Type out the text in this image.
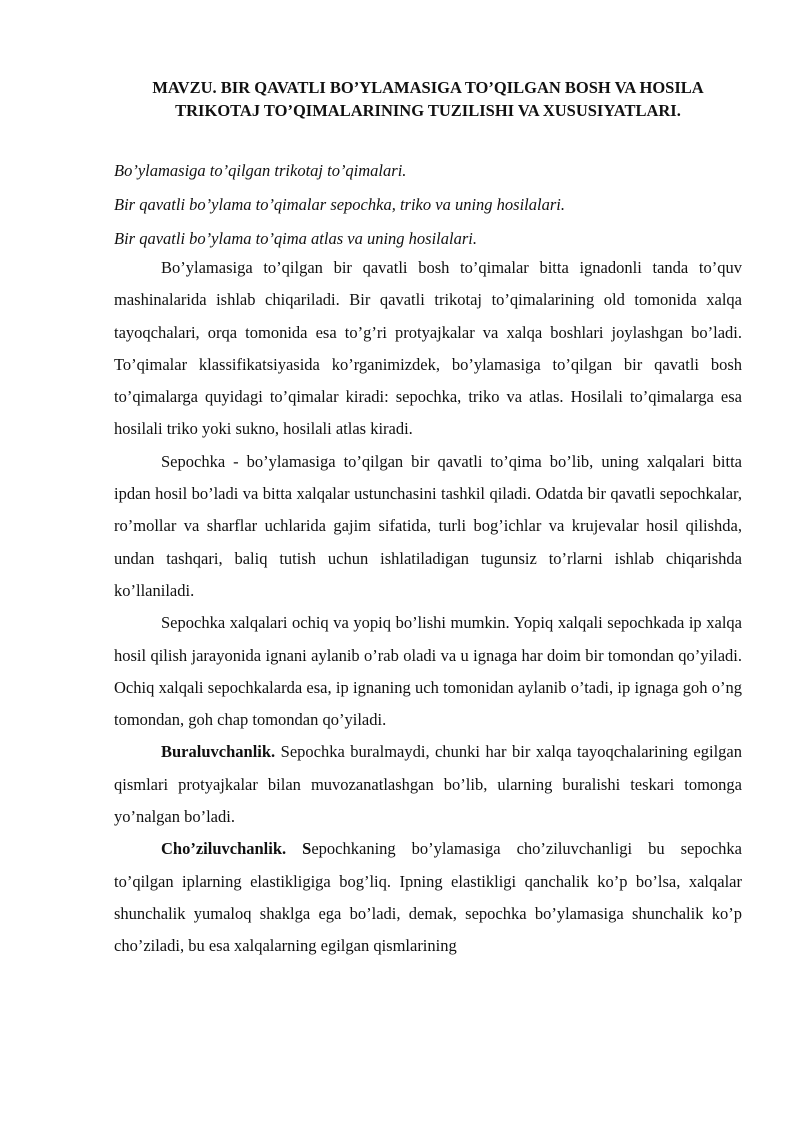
MAVZU. BIR QAVATLI BO’YLAMASIGA TO’QILGAN BOSH VA HOSILA TRIKOTAJ TO’QIMALARINING TUZILISHI VA XUSUSIYATLARI.

Bo’ylamasiga to’qilgan trikotaj to’qimalari.

Bir qavatli bo’ylama to’qimalar sepochka, triko va uning hosilalari.

Bir qavatli bo’ylama to’qima atlas va uning hosilalari.

Bo’ylamasiga to’qilgan bir qavatli bosh to’qimalar bitta ignadonli tanda to’quv mashinalarida ishlab chiqariladi. Bir qavatli trikotaj to’qimalarining old tomonida xalqa tayoqchalari, orqa tomonida esa to’g’ri protyajkalar va xalqa boshlari joylashgan bo’ladi. To’qimalar klassifikatsiyasida ko’rganimizdek, bo’ylamasiga to’qilgan bir qavatli bosh to’qimalarga quyidagi to’qimalar kiradi: sepochka, triko va atlas. Hosilali to’qimalarga esa hosilali triko yoki sukno, hosilali atlas kiradi.

Sepochka - bo’ylamasiga to’qilgan bir qavatli to’qima bo’lib, uning xalqalari bitta ipdan hosil bo’ladi va bitta xalqalar ustunchasini tashkil qiladi. Odatda bir qavatli sepochkalar, ro’mollar va sharflar uchlarida gajim sifatida, turli bog’ichlar va krujevalar hosil qilishda, undan tashqari, baliq tutish uchun ishlatiladigan tugunsiz to’rlarni ishlab chiqarishda ko’llaniladi.

Sepochka xalqalari ochiq va yopiq bo’lishi mumkin. Yopiq xalqali sepochkada ip xalqa hosil qilish jarayonida ignani aylanib o’rab oladi va u ignaga har doim bir tomondan qo’yiladi. Ochiq xalqali sepochkalarda esa, ip ignaning uch tomonidan aylanib o’tadi, ip ignaga goh o’ng tomondan, goh chap tomondan qo’yiladi.

Buraluvchanlik. Sepochka buralmaydi, chunki har bir xalqa tayoqchalarining egilgan qismlari protyajkalar bilan muvozanatlashgan bo’lib, ularning buralishi teskari tomonga yo’nalgan bo’ladi.

Cho’ziluvchanlik. Sepochkaning bo’ylamasiga cho’ziluvchanligi bu sepochka to’qilgan iplarning elastikligiga bog’liq. Ipning elastikligi qanchalik ko’p bo’lsa, xalqalar shunchalik yumaloq shaklga ega bo’ladi, demak, sepochka bo’ylamasiga shunchalik ko’p cho’ziladi, bu esa xalqalarning egilgan qismlarining
